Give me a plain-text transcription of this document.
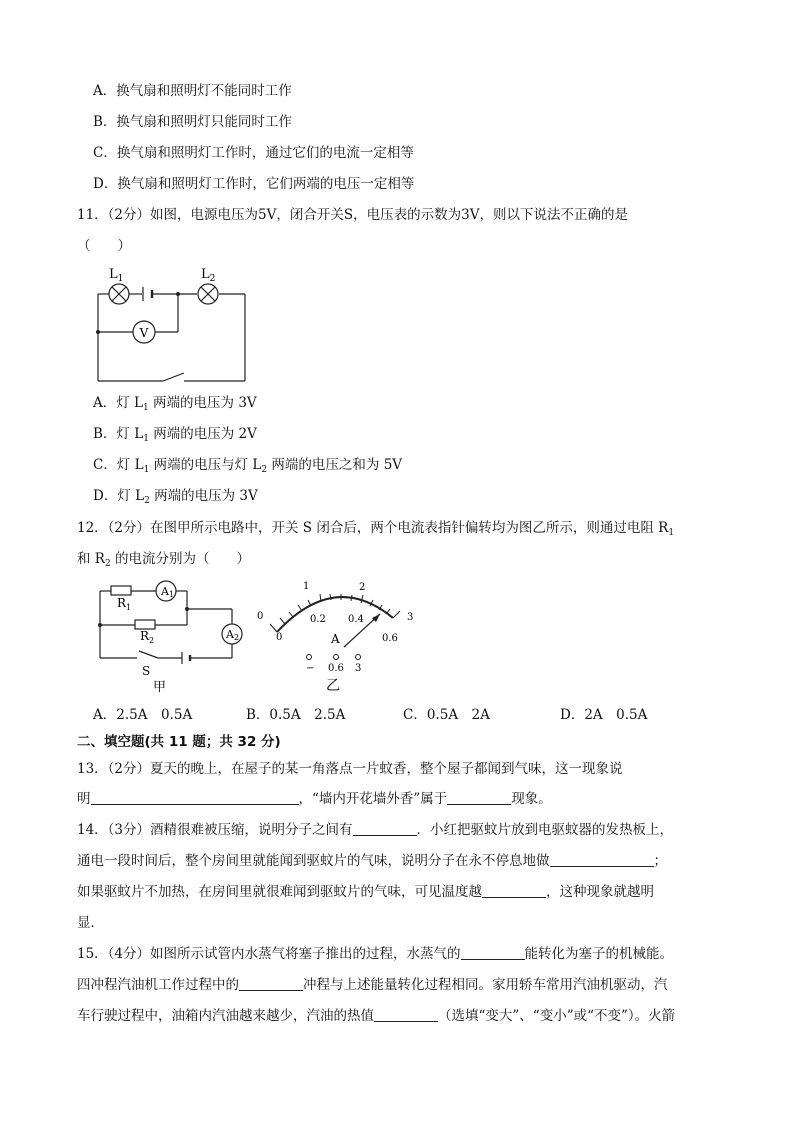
A．换气扇和照明灯不能同时工作
B．换气扇和照明灯只能同时工作
C．换气扇和照明灯工作时，通过它们的电流一定相等
D．换气扇和照明灯工作时，它们两端的电压一定相等
11．（2分）如图，电源电压为5V，闭合开关S，电压表的示数为3V，则以下说法不正确的是
（　　）
V
$L_1$	$L_2$
A．灯 $L_1$ 两端的电压为 3V
B．灯 $L_1$ 两端的电压为 2V
C．灯 $L_1$ 两端的电压与灯 $L_2$ 两端的电压之和为 5V
D．灯 $L_2$ 两端的电压为 3V
12．（2分）在图甲所示电路中，开关 S 闭合后，两个电流表指针偏转均为图乙所示，则通过电阻 $R_1$
和 $R_2$ 的电流分别为（　　）
A1
A2
$R_1$
$R_2$
S
甲
0
1	2
3
0
0.2 0.4
0.6
A
− 0.6 3
乙
A．2.5A　0.5A	B．0.5A　2.5A	C．0.5A　2A	D．2A　0.5A
二、填空题(共 11 题；共 32 分)
13．（2分）夏天的晚上，在屋子的某一角落点一片蚊香，整个屋子都闻到气味，这一现象说
明	，“墙内开花墙外香”属于	现象。
14．（3分）酒精很难被压缩，说明分子之间有	．小红把驱蚊片放到电驱蚊器的发热板上，
通电一段时间后，整个房间里就能闻到驱蚊片的气味，说明分子在永不停息地做	；
如果驱蚊片不加热，在房间里就很难闻到驱蚊片的气味，可见温度越	，这种现象就越明
显．
15．（4分）如图所示试管内水蒸气将塞子推出的过程，水蒸气的	能转化为塞子的机械能。
四冲程汽油机工作过程中的	冲程与上述能量转化过程相同。家用轿车常用汽油机驱动，汽
车行驶过程中，油箱内汽油越来越少，汽油的热值	（选填“变大”、“变小”或“不变”）。火箭
